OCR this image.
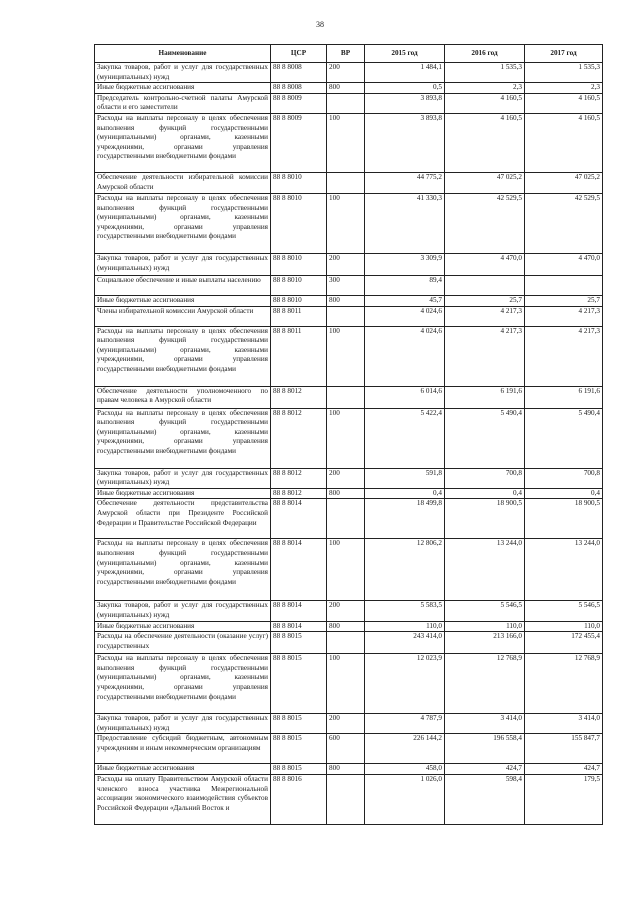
38
Наименование	ЦСР	ВР	2015 год	2016 год	2017 год
Закупка товаров, работ и услуг для государственных (муниципальных) нужд	88 8 8008	200	1 484,1	1 535,3	1 535,3
Иные бюджетные ассигнования	88 8 8008	800	0,5	2,3	2,3
Председатель контрольно-счетной палаты Амурской области и его заместители	88 8 8009		3 893,8	4 160,5	4 160,5
Расходы на выплаты персоналу в целях обеспечения выполнения функций государственными (муниципальными) органами, казенными учреждениями, органами управления государственными внебюджетными фондами	88 8 8009	100	3 893,8	4 160,5	4 160,5
Обеспечение деятельности избирательной комиссии Амурской области	88 8 8010		44 775,2	47 025,2	47 025,2
Расходы на выплаты персоналу в целях обеспечения выполнения функций государственными (муниципальными) органами, казенными учреждениями, органами управления государственными внебюджетными фондами	88 8 8010	100	41 330,3	42 529,5	42 529,5
Закупка товаров, работ и услуг для государственных (муниципальных) нужд	88 8 8010	200	3 309,9	4 470,0	4 470,0
Социальное обеспечение и иные выплаты населению	88 8 8010	300	89,4		
Иные бюджетные ассигнования	88 8 8010	800	45,7	25,7	25,7
Члены избирательной комиссии Амурской области	88 8 8011		4 024,6	4 217,3	4 217,3
Расходы на выплаты персоналу в целях обеспечения выполнения функций государственными (муниципальными) органами, казенными учреждениями, органами управления государственными внебюджетными фондами	88 8 8011	100	4 024,6	4 217,3	4 217,3
Обеспечение деятельности уполномоченного по правам человека в Амурской области	88 8 8012		6 014,6	6 191,6	6 191,6
Расходы на выплаты персоналу в целях обеспечения выполнения функций государственными (муниципальными) органами, казенными учреждениями, органами управления государственными внебюджетными фондами	88 8 8012	100	5 422,4	5 490,4	5 490,4
Закупка товаров, работ и услуг для государственных (муниципальных) нужд	88 8 8012	200	591,8	700,8	700,8
Иные бюджетные ассигнования	88 8 8012	800	0,4	0,4	0,4
Обеспечение деятельности представительства Амурской области при Президенте Российской Федерации и Правительстве Российской Федерации	88 8 8014		18 499,8	18 900,5	18 900,5
Расходы на выплаты персоналу в целях обеспечения выполнения функций государственными (муниципальными) органами, казенными учреждениями, органами управления государственными внебюджетными фондами	88 8 8014	100	12 806,2	13 244,0	13 244,0
Закупка товаров, работ и услуг для государственных (муниципальных) нужд	88 8 8014	200	5 583,5	5 546,5	5 546,5
Иные бюджетные ассигнования	88 8 8014	800	110,0	110,0	110,0
Расходы на обеспечение деятельности (оказание услуг) государственных	88 8 8015		243 414,0	213 166,0	172 455,4
Расходы на выплаты персоналу в целях обеспечения выполнения функций государственными (муниципальными) органами, казенными учреждениями, органами управления государственными внебюджетными фондами	88 8 8015	100	12 023,9	12 768,9	12 768,9
Закупка товаров, работ и услуг для государственных (муниципальных) нужд	88 8 8015	200	4 787,9	3 414,0	3 414,0
Предоставление субсидий бюджетным, автономным учреждениям и иным некоммерческим организациям	88 8 8015	600	226 144,2	196 558,4	155 847,7
Иные бюджетные ассигнования	88 8 8015	800	458,0	424,7	424,7
Расходы на оплату Правительством Амурской области членского взноса участника Межрегиональной ассоциации экономического взаимодействия субъектов Российской Федерации «Дальний Восток и	88 8 8016		1 026,0	598,4	179,5
